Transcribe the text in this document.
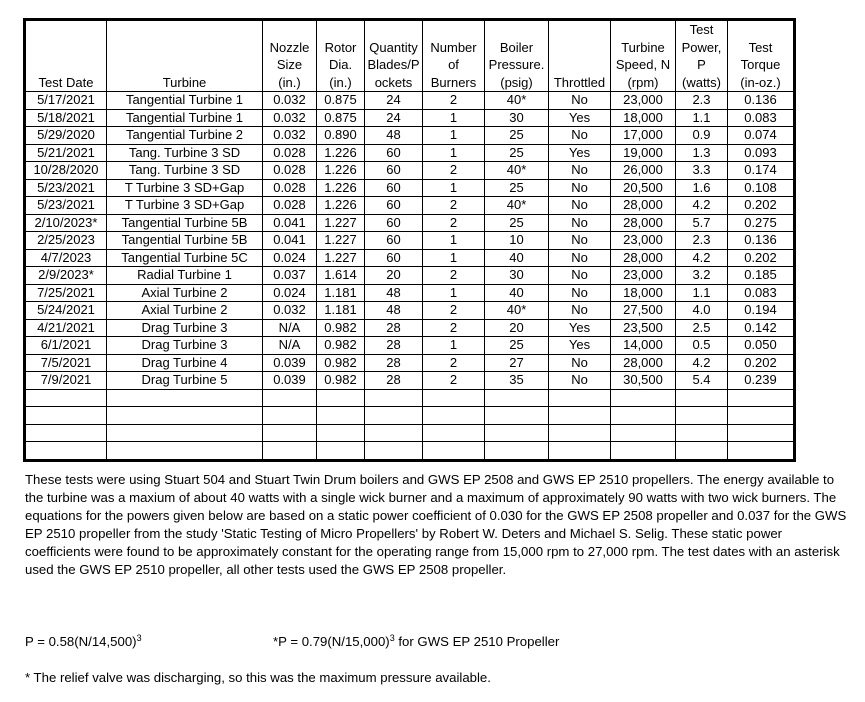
Test Date	Turbine	Nozzle
Size
(in.)	Rotor
Dia.
(in.)	Quantity
Blades/P
ockets	Number
of
Burners	Boiler
Pressure.
(psig)	Throttled	Turbine
Speed, N
(rpm)	Test
Power,
P
(watts)	Test
Torque
(in-oz.)
5/17/2021	Tangential Turbine 1	0.032	0.875	24	2	40*	No	23,000	2.3	0.136
5/18/2021	Tangential Turbine 1	0.032	0.875	24	1	30	Yes	18,000	1.1	0.083
5/29/2020	Tangential Turbine 2	0.032	0.890	48	1	25	No	17,000	0.9	0.074
5/21/2021	Tang. Turbine 3 SD	0.028	1.226	60	1	25	Yes	19,000	1.3	0.093
10/28/2020	Tang. Turbine 3 SD	0.028	1.226	60	2	40*	No	26,000	3.3	0.174
5/23/2021	T Turbine 3 SD+Gap	0.028	1.226	60	1	25	No	20,500	1.6	0.108
5/23/2021	T Turbine 3 SD+Gap	0.028	1.226	60	2	40*	No	28,000	4.2	0.202
2/10/2023*	Tangential Turbine 5B	0.041	1.227	60	2	25	No	28,000	5.7	0.275
2/25/2023	Tangential Turbine 5B	0.041	1.227	60	1	10	No	23,000	2.3	0.136
4/7/2023	Tangential Turbine 5C	0.024	1.227	60	1	40	No	28,000	4.2	0.202
2/9/2023*	Radial Turbine 1	0.037	1.614	20	2	30	No	23,000	3.2	0.185
7/25/2021	Axial Turbine 2	0.024	1.181	48	1	40	No	18,000	1.1	0.083
5/24/2021	Axial Turbine 2	0.032	1.181	48	2	40*	No	27,500	4.0	0.194
4/21/2021	Drag Turbine 3	N/A	0.982	28	2	20	Yes	23,500	2.5	0.142
6/1/2021	Drag Turbine 3	N/A	0.982	28	1	25	Yes	14,000	0.5	0.050
7/5/2021	Drag Turbine 4	0.039	0.982	28	2	27	No	28,000	4.2	0.202
7/9/2021	Drag Turbine 5	0.039	0.982	28	2	35	No	30,500	5.4	0.239

These tests were using Stuart 504 and Stuart Twin Drum boilers and GWS EP 2508 and GWS EP 2510 propellers. The energy available to the turbine was a maxium of about 40 watts with a single wick burner and a maximum of approximately 90 watts with two wick burners. The equations for the powers given below are based on a static power coefficient of 0.030 for the GWS EP 2508 propeller and 0.037 for the GWS EP 2510 propeller from the study 'Static Testing of Micro Propellers' by Robert W. Deters and Michael S. Selig. These static power coefficients were found to be approximately constant for the operating range from 15,000 rpm to 27,000 rpm. The test dates with an asterisk used the GWS EP 2510 propeller, all other tests used the GWS EP 2508 propeller.

$P = 0.58(N/14,500)^3$	$*P = 0.79(N/15,000)^3$ for GWS EP 2510 Propeller

* The relief valve was discharging, so this was the maximum pressure available.
